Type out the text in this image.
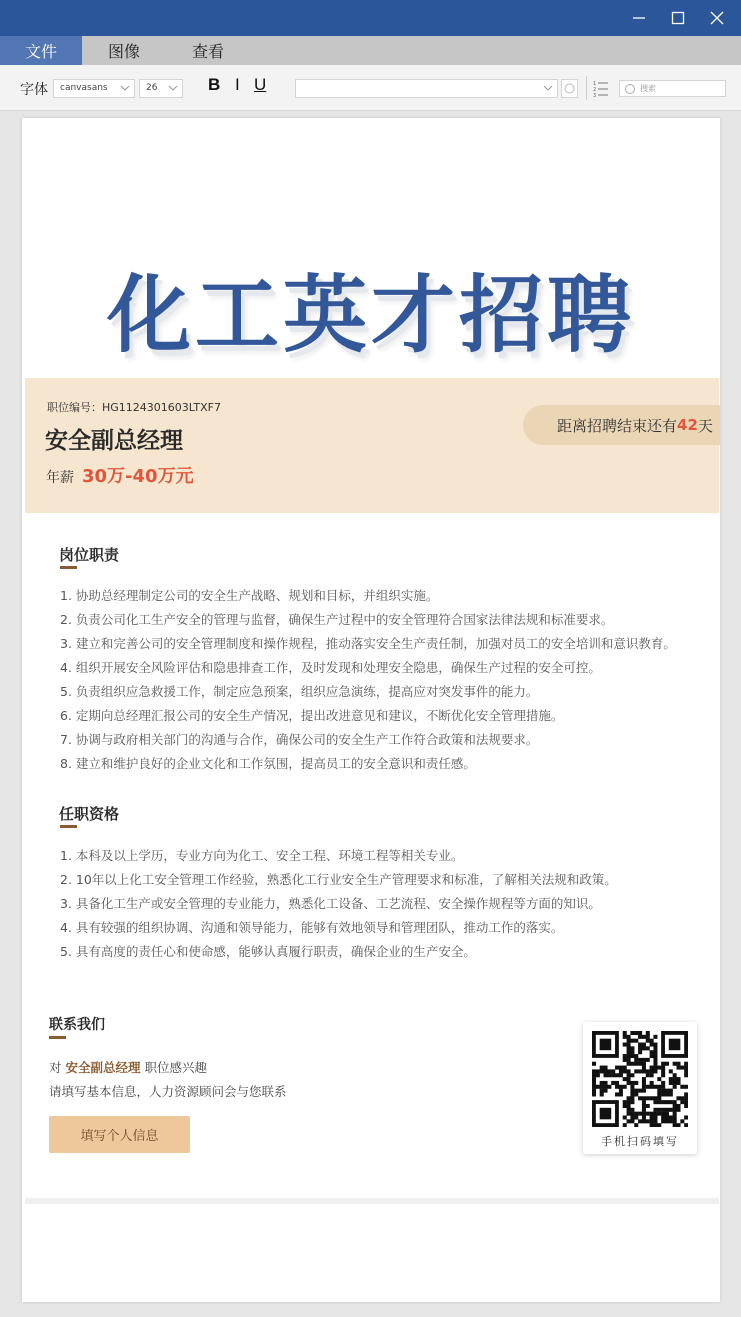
文件	图像	查看
字体	canvasans	26	B I U	1
2
3
搜索
化工英才招聘
职位编号：HG1124301603LTXF7
安全副总经理
年薪 30万-40万元
距离招聘结束还有 42 天
岗位职责
1. 协助总经理制定公司的安全生产战略、规划和目标，并组织实施。
2. 负责公司化工生产安全的管理与监督，确保生产过程中的安全管理符合国家法律法规和标准要求。
3. 建立和完善公司的安全管理制度和操作规程，推动落实安全生产责任制，加强对员工的安全培训和意识教育。
4. 组织开展安全风险评估和隐患排查工作，及时发现和处理安全隐患，确保生产过程的安全可控。
5. 负责组织应急救援工作，制定应急预案，组织应急演练，提高应对突发事件的能力。
6. 定期向总经理汇报公司的安全生产情况，提出改进意见和建议，不断优化安全管理措施。
7. 协调与政府相关部门的沟通与合作，确保公司的安全生产工作符合政策和法规要求。
8. 建立和维护良好的企业文化和工作氛围，提高员工的安全意识和责任感。
任职资格
1. 本科及以上学历，专业方向为化工、安全工程、环境工程等相关专业。
2. 10年以上化工安全管理工作经验，熟悉化工行业安全生产管理要求和标准，了解相关法规和政策。
3. 具备化工生产或安全管理的专业能力，熟悉化工设备、工艺流程、安全操作规程等方面的知识。
4. 具有较强的组织协调、沟通和领导能力，能够有效地领导和管理团队，推动工作的落实。
5. 具有高度的责任心和使命感，能够认真履行职责，确保企业的生产安全。
联系我们
对 安全副总经理 职位感兴趣
请填写基本信息，人力资源顾问会与您联系
填写个人信息	手机扫码填写
